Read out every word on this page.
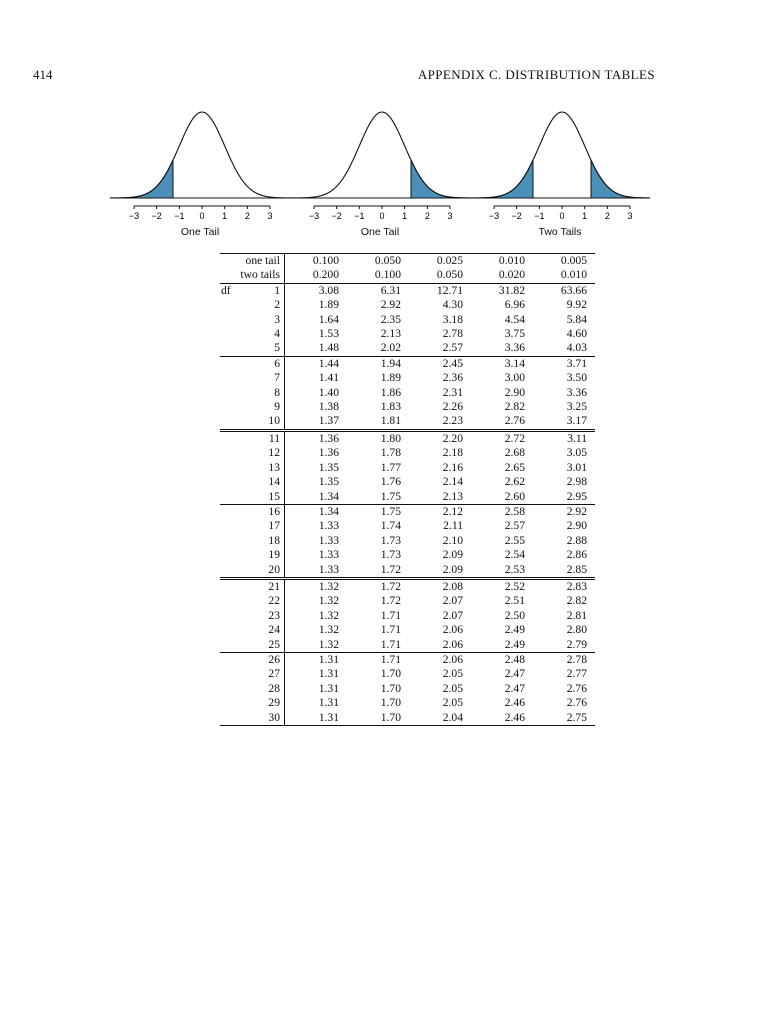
414	APPENDIX C. DISTRIBUTION TABLES
−3 −2 −1 0 1 2 3
One Tail
−3 −2 −1 0 1 2 3
One Tail
−3 −2 −1 0 1 2 3
Two Tails
one tail	0.100	0.050	0.025	0.010	0.005
two tails	0.200	0.100	0.050	0.020	0.010

df 1	3.08	6.31	12.71	31.82	63.66

2	1.89	2.92	4.30	6.96	9.92

3	1.64	2.35	3.18	4.54	5.84

4	1.53	2.13	2.78	3.75	4.60

5	1.48	2.02	2.57	3.36	4.03

6	1.44	1.94	2.45	3.14	3.71

7	1.41	1.89	2.36	3.00	3.50

8	1.40	1.86	2.31	2.90	3.36

9	1.38	1.83	2.26	2.82	3.25

10	1.37	1.81	2.23	2.76	3.17

11	1.36	1.80	2.20	2.72	3.11

12	1.36	1.78	2.18	2.68	3.05

13	1.35	1.77	2.16	2.65	3.01

14	1.35	1.76	2.14	2.62	2.98

15	1.34	1.75	2.13	2.60	2.95

16	1.34	1.75	2.12	2.58	2.92

17	1.33	1.74	2.11	2.57	2.90

18	1.33	1.73	2.10	2.55	2.88

19	1.33	1.73	2.09	2.54	2.86

20	1.33	1.72	2.09	2.53	2.85

21	1.32	1.72	2.08	2.52	2.83

22	1.32	1.72	2.07	2.51	2.82

23	1.32	1.71	2.07	2.50	2.81

24	1.32	1.71	2.06	2.49	2.80

25	1.32	1.71	2.06	2.49	2.79

26	1.31	1.71	2.06	2.48	2.78

27	1.31	1.70	2.05	2.47	2.77

28	1.31	1.70	2.05	2.47	2.76

29	1.31	1.70	2.05	2.46	2.76

30	1.31	1.70	2.04	2.46	2.75
